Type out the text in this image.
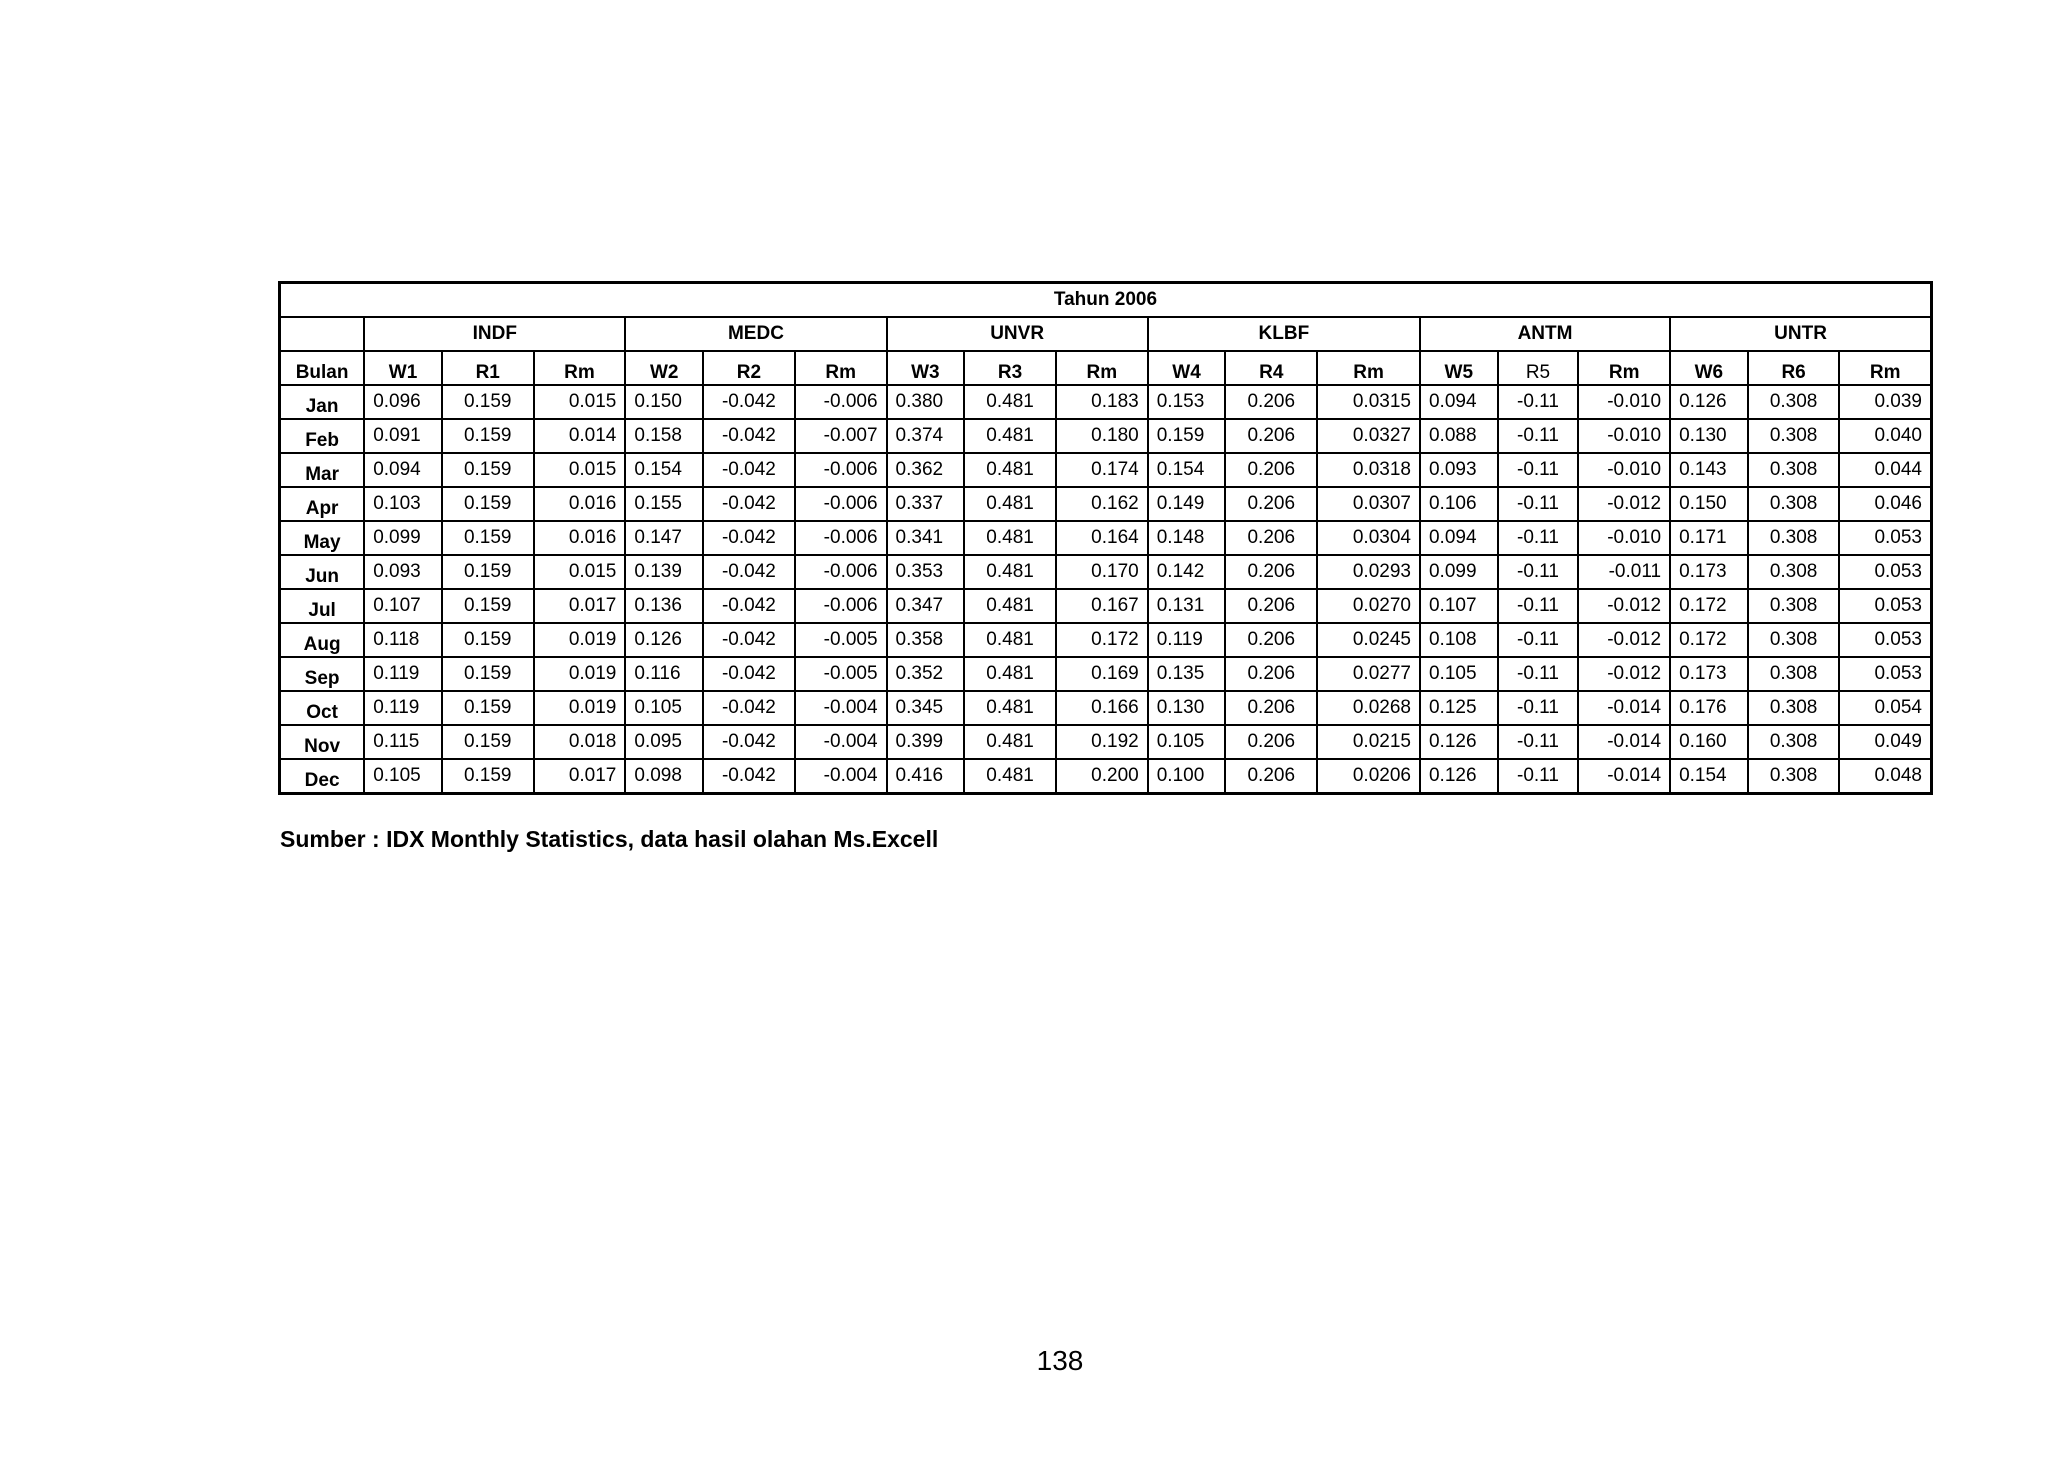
Tahun 2006																		
	INDF			MEDC			UNVR			KLBF			ANTM			UNTR		
Bulan	W1	R1	Rm	W2	R2	Rm	W3	R3	Rm	W4	R4	Rm	W5	R5	Rm	W6	R6	Rm
Jan	0.096	0.159	0.015	0.150	-0.042	-0.006	0.380	0.481	0.183	0.153	0.206	0.0315	0.094	-0.11	-0.010	0.126	0.308	0.039
Feb	0.091	0.159	0.014	0.158	-0.042	-0.007	0.374	0.481	0.180	0.159	0.206	0.0327	0.088	-0.11	-0.010	0.130	0.308	0.040
Mar	0.094	0.159	0.015	0.154	-0.042	-0.006	0.362	0.481	0.174	0.154	0.206	0.0318	0.093	-0.11	-0.010	0.143	0.308	0.044
Apr	0.103	0.159	0.016	0.155	-0.042	-0.006	0.337	0.481	0.162	0.149	0.206	0.0307	0.106	-0.11	-0.012	0.150	0.308	0.046
May	0.099	0.159	0.016	0.147	-0.042	-0.006	0.341	0.481	0.164	0.148	0.206	0.0304	0.094	-0.11	-0.010	0.171	0.308	0.053
Jun	0.093	0.159	0.015	0.139	-0.042	-0.006	0.353	0.481	0.170	0.142	0.206	0.0293	0.099	-0.11	-0.011	0.173	0.308	0.053
Jul	0.107	0.159	0.017	0.136	-0.042	-0.006	0.347	0.481	0.167	0.131	0.206	0.0270	0.107	-0.11	-0.012	0.172	0.308	0.053
Aug	0.118	0.159	0.019	0.126	-0.042	-0.005	0.358	0.481	0.172	0.119	0.206	0.0245	0.108	-0.11	-0.012	0.172	0.308	0.053
Sep	0.119	0.159	0.019	0.116	-0.042	-0.005	0.352	0.481	0.169	0.135	0.206	0.0277	0.105	-0.11	-0.012	0.173	0.308	0.053
Oct	0.119	0.159	0.019	0.105	-0.042	-0.004	0.345	0.481	0.166	0.130	0.206	0.0268	0.125	-0.11	-0.014	0.176	0.308	0.054
Nov	0.115	0.159	0.018	0.095	-0.042	-0.004	0.399	0.481	0.192	0.105	0.206	0.0215	0.126	-0.11	-0.014	0.160	0.308	0.049
Dec	0.105	0.159	0.017	0.098	-0.042	-0.004	0.416	0.481	0.200	0.100	0.206	0.0206	0.126	-0.11	-0.014	0.154	0.308	0.048
Sumber : IDX Monthly Statistics, data hasil olahan Ms.Excell
138
